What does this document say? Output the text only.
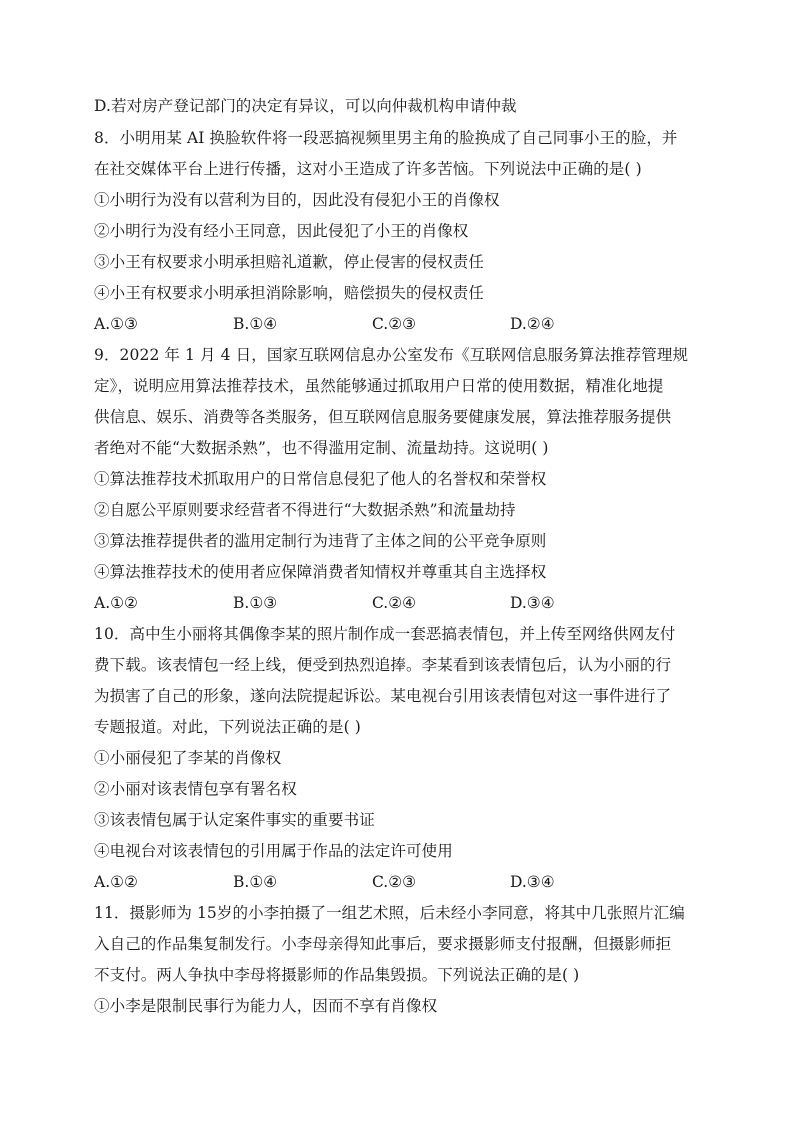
D.若对房产登记部门的决定有异议，可以向仲裁机构申请仲裁
8．小明用某 AI 换脸软件将一段恶搞视频里男主角的脸换成了自己同事小王的脸，并
在社交媒体平台上进行传播，这对小王造成了许多苦恼。下列说法中正确的是( )
①小明行为没有以营利为目的，因此没有侵犯小王的肖像权
②小明行为没有经小王同意，因此侵犯了小王的肖像权
③小王有权要求小明承担赔礼道歉，停止侵害的侵权责任
④小王有权要求小明承担消除影响，赔偿损失的侵权责任
A.①③	B.①④	C.②③	D.②④
9．2022 年 1 月 4 日，国家互联网信息办公室发布《互联网信息服务算法推荐管理规
定》，说明应用算法推荐技术，虽然能够通过抓取用户日常的使用数据，精准化地提
供信息、娱乐、消费等各类服务，但互联网信息服务要健康发展，算法推荐服务提供
者绝对不能“大数据杀熟”，也不得滥用定制、流量劫持。这说明( )
①算法推荐技术抓取用户的日常信息侵犯了他人的名誉权和荣誉权
②自愿公平原则要求经营者不得进行“大数据杀熟”和流量劫持
③算法推荐提供者的滥用定制行为违背了主体之间的公平竞争原则
④算法推荐技术的使用者应保障消费者知情权并尊重其自主选择权
A.①②	B.①③	C.②④	D.③④
10．高中生小丽将其偶像李某的照片制作成一套恶搞表情包，并上传至网络供网友付
费下载。该表情包一经上线，便受到热烈追捧。李某看到该表情包后，认为小丽的行
为损害了自己的形象，遂向法院提起诉讼。某电视台引用该表情包对这一事件进行了
专题报道。对此，下列说法正确的是( )
①小丽侵犯了李某的肖像权
②小丽对该表情包享有署名权
③该表情包属于认定案件事实的重要书证
④电视台对该表情包的引用属于作品的法定许可使用
A.①②	B.①④	C.②③	D.③④
11．摄影师为 15岁的小李拍摄了一组艺术照，后未经小李同意，将其中几张照片汇编
入自己的作品集复制发行。小李母亲得知此事后，要求摄影师支付报酬，但摄影师拒
不支付。两人争执中李母将摄影师的作品集毁损。下列说法正确的是( )
①小李是限制民事行为能力人，因而不享有肖像权
